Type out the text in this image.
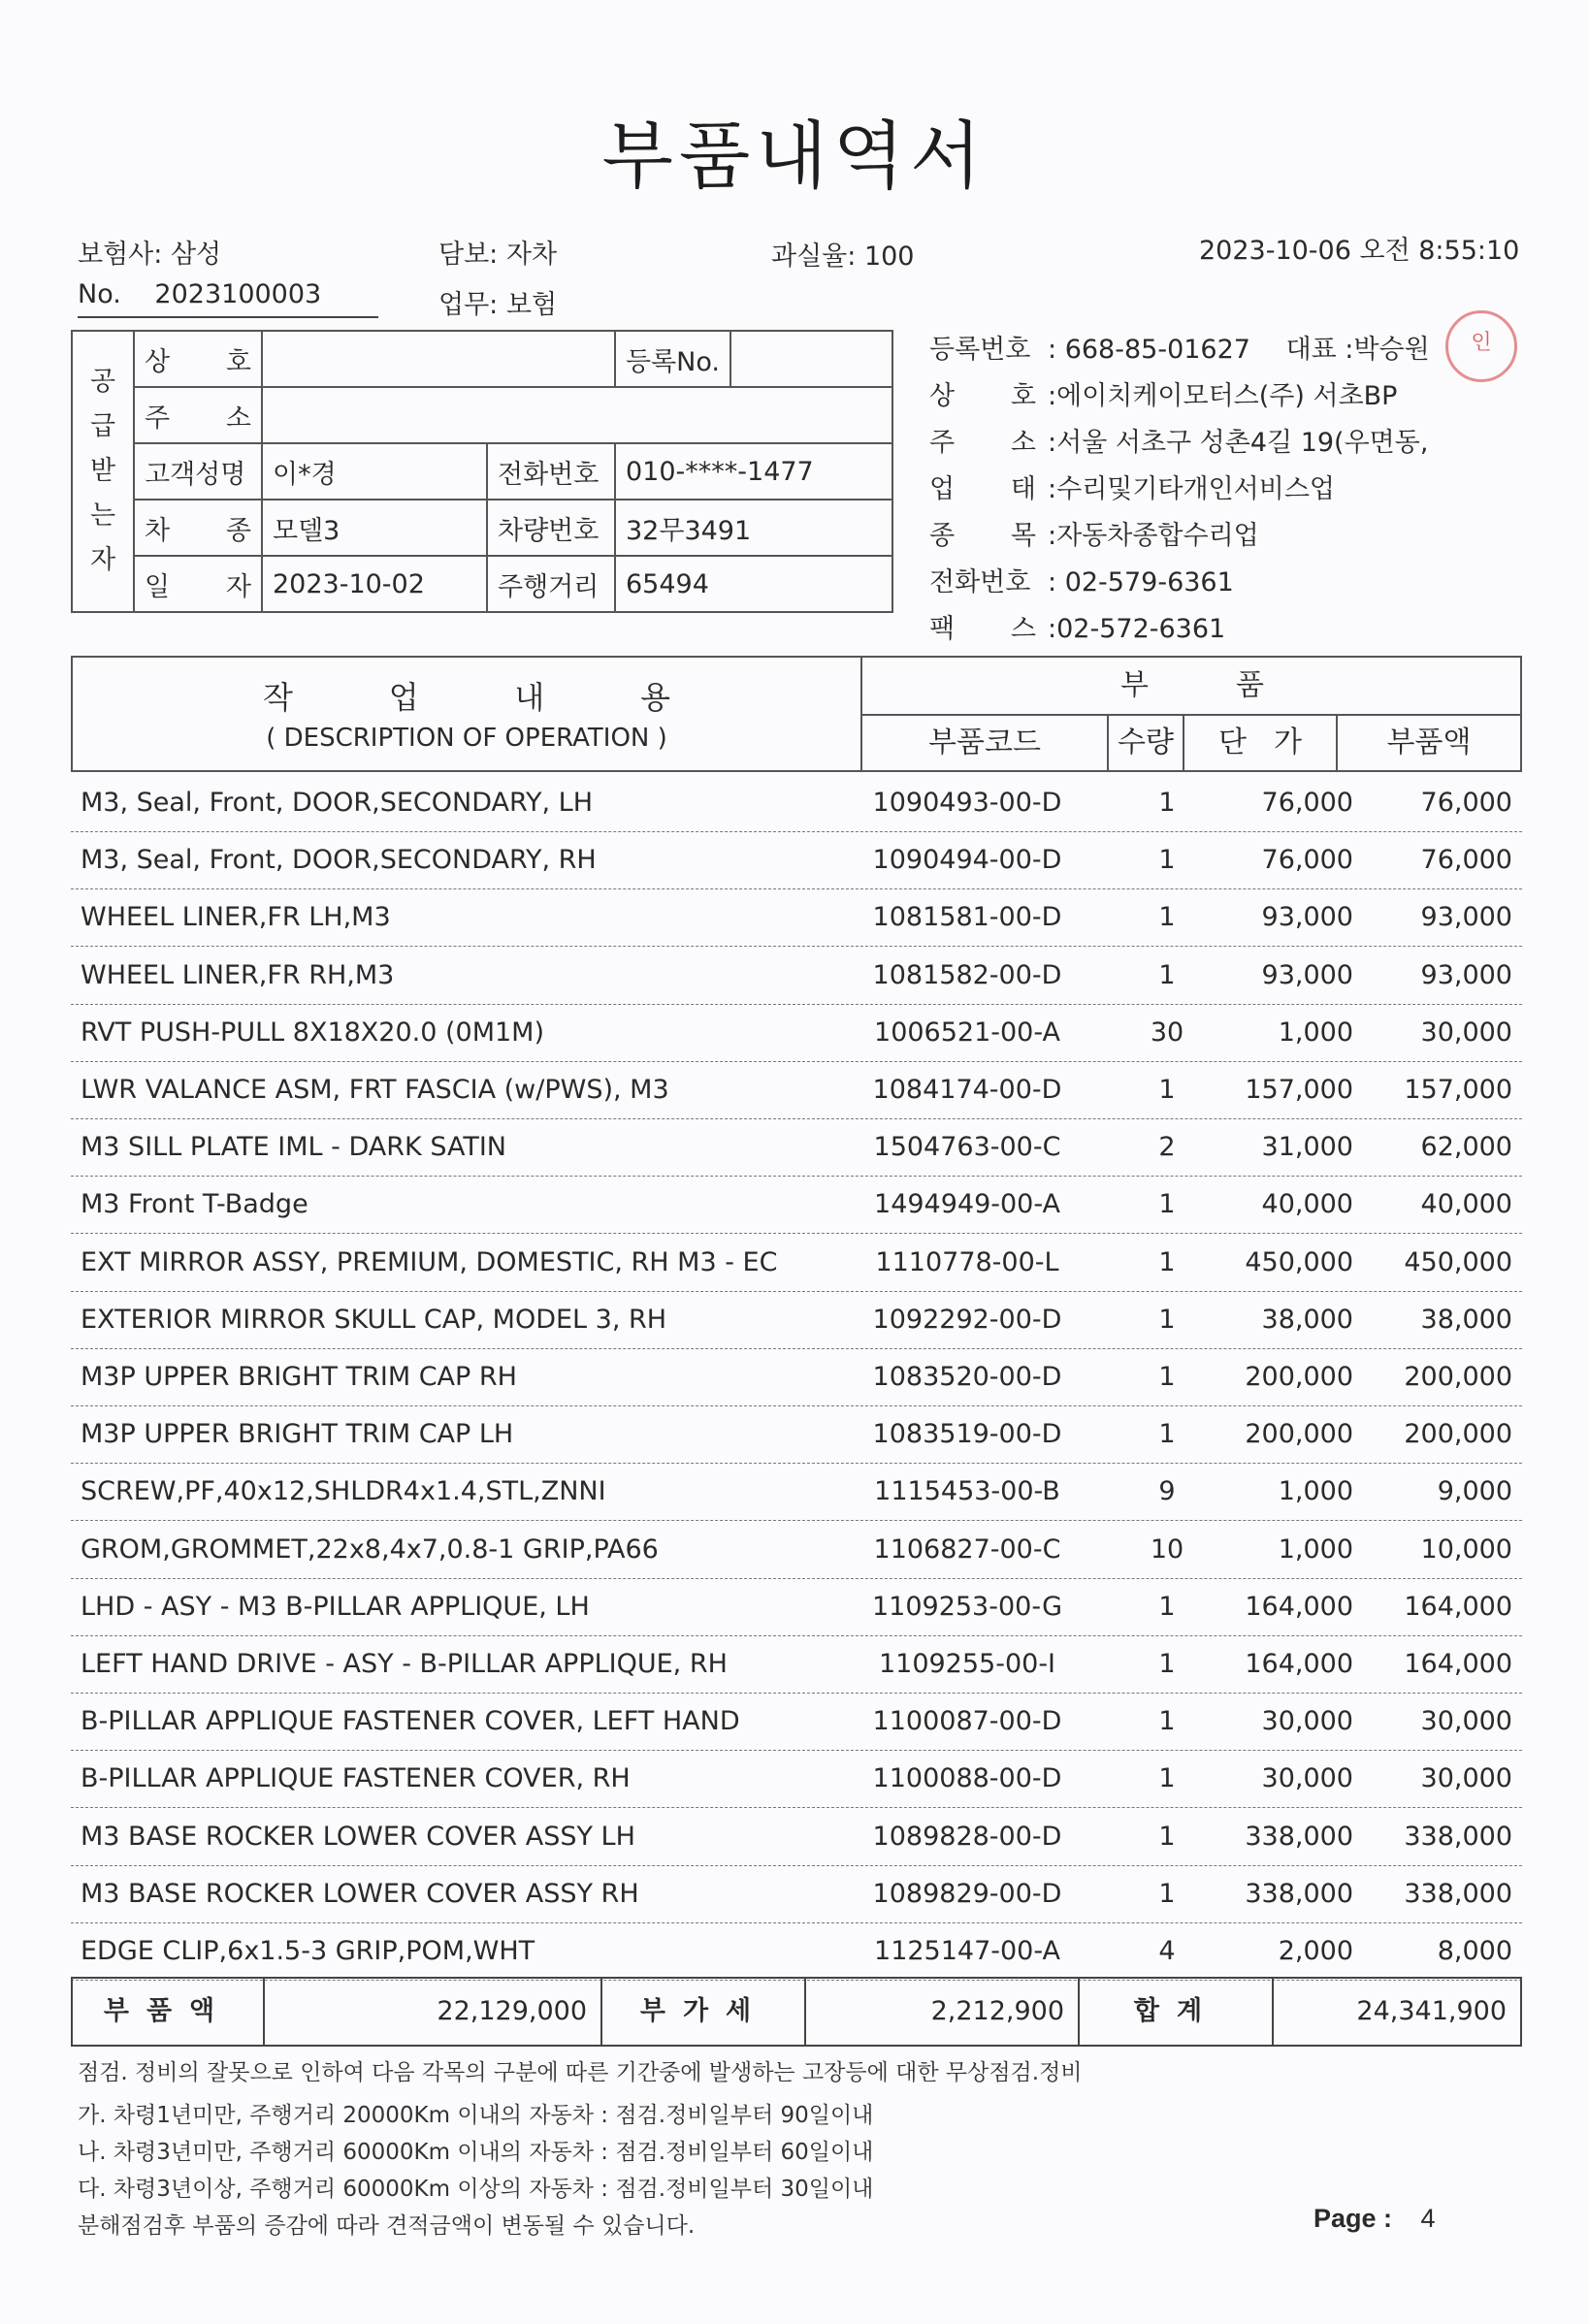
부품내역서
보험사: 삼성	담보: 자차	과실율: 100	2023-10-06 오전 8:55:10
No. 2023100003	업무: 보험
공
급
받
는
자	상 호			등록No.	

	주 소				

	고객성명	이*경	전화번호	010-****-1477	

	차 종	모델3	차량번호	32무3491	

	일 자	2023-10-02	주행거리	65494	
등록번호 : 668-85-01627 대표 :박승원
상 호 :에이치케이모터스(주) 서초BP
주 소 :서울 서초구 성촌4길 19(우면동,
업 태 :수리및기타개인서비스업
종 목 :자동차종합수리업
전화번호 : 02-579-6361
팩 스 :02-572-6361
인
작	업	내	용
( DESCRIPTION OF OPERATION )
부	품
부품코드	수량	단 가	부품액
M3, Seal, Front, DOOR,SECONDARY, LH	1090493-00-D	1	76,000	76,000
M3, Seal, Front, DOOR,SECONDARY, RH	1090494-00-D	1	76,000	76,000
WHEEL LINER,FR LH,M3	1081581-00-D	1	93,000	93,000
WHEEL LINER,FR RH,M3	1081582-00-D	1	93,000	93,000
RVT PUSH-PULL 8X18X20.0 (0M1M)	1006521-00-A	30	1,000	30,000
LWR VALANCE ASM, FRT FASCIA (w/PWS), M3	1084174-00-D	1	157,000	157,000
M3 SILL PLATE IML - DARK SATIN	1504763-00-C	2	31,000	62,000
M3 Front T-Badge	1494949-00-A	1	40,000	40,000
EXT MIRROR ASSY, PREMIUM, DOMESTIC, RH M3 - EC	1110778-00-L	1	450,000	450,000
EXTERIOR MIRROR SKULL CAP, MODEL 3, RH	1092292-00-D	1	38,000	38,000
M3P UPPER BRIGHT TRIM CAP RH	1083520-00-D	1	200,000	200,000
M3P UPPER BRIGHT TRIM CAP LH	1083519-00-D	1	200,000	200,000
SCREW,PF,40x12,SHLDR4x1.4,STL,ZNNI	1115453-00-B	9	1,000	9,000
GROM,GROMMET,22x8,4x7,0.8-1 GRIP,PA66	1106827-00-C	10	1,000	10,000
LHD - ASY - M3 B-PILLAR APPLIQUE, LH	1109253-00-G	1	164,000	164,000
LEFT HAND DRIVE - ASY - B-PILLAR APPLIQUE, RH	1109255-00-I	1	164,000	164,000
B-PILLAR APPLIQUE FASTENER COVER, LEFT HAND	1100087-00-D	1	30,000	30,000
B-PILLAR APPLIQUE FASTENER COVER, RH	1100088-00-D	1	30,000	30,000
M3 BASE ROCKER LOWER COVER ASSY LH	1089828-00-D	1	338,000	338,000
M3 BASE ROCKER LOWER COVER ASSY RH	1089829-00-D	1	338,000	338,000
EDGE CLIP,6x1.5-3 GRIP,POM,WHT	1125147-00-A	4	2,000	8,000
부품액	22,129,000	부가세	2,212,900	합계	24,341,900
점검. 정비의 잘못으로 인하여 다음 각목의 구분에 따른 기간중에 발생하는 고장등에 대한 무상점검.정비
가. 차령1년미만, 주행거리 20000Km 이내의 자동차 : 점검.정비일부터 90일이내
나. 차령3년미만, 주행거리 60000Km 이내의 자동차 : 점검.정비일부터 60일이내
다. 차령3년이상, 주행거리 60000Km 이상의 자동차 : 점검.정비일부터 30일이내
분해점검후 부품의 증감에 따라 견적금액이 변동될 수 있습니다.	Page : 4
